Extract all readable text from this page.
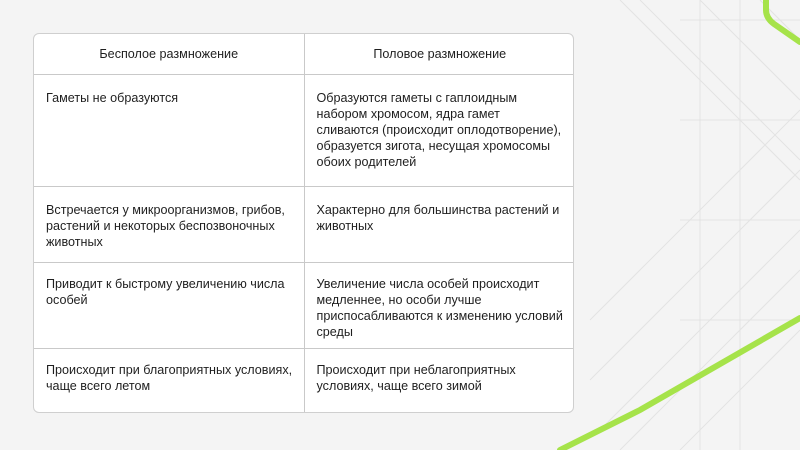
Бесполое размножение	Половое размножение
Гаметы не образуются	Образуются гаметы с гаплоидным набором хромосом, ядра гамет сливаются (происходит оплодотворение), образуется зигота, несущая хромосомы обоих родителей
Встречается у микроорганизмов, грибов, растений и некоторых беспозвоночных животных	Характерно для большинства растений и животных
Приводит к быстрому увеличению числа особей	Увеличение числа особей происходит медленнее, но особи лучше приспосабливаются к изменению условий среды
Происходит при благоприятных условиях, чаще всего летом	Происходит при неблагоприятных условиях, чаще всего зимой
